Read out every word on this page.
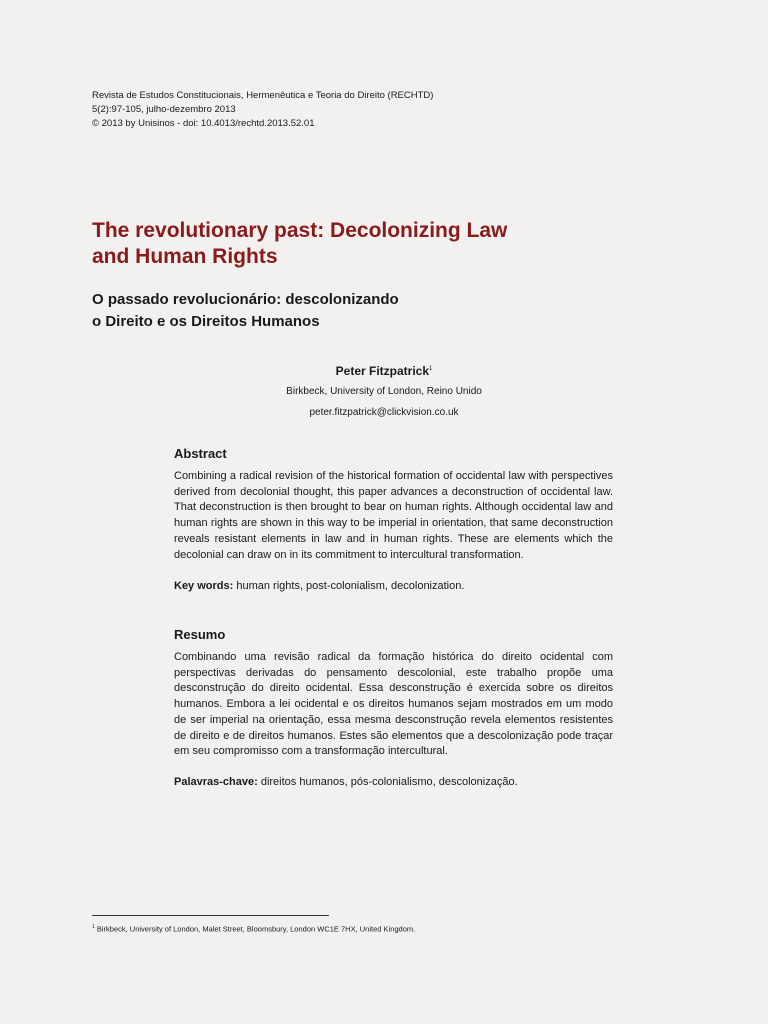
Revista de Estudos Constitucionais, Hermenêutica e Teoria do Direito (RECHTD)
5(2):97-105, julho-dezembro 2013
© 2013 by Unisinos - doi: 10.4013/rechtd.2013.52.01
The revolutionary past: Decolonizing Law
and Human Rights
O passado revolucionário: descolonizando
o Direito e os Direitos Humanos
Peter Fitzpatrick$^1$
Birkbeck, University of London, Reino Unido
peter.fitzpatrick@clickvision.co.uk
Abstract

Combining a radical revision of the historical formation of occidental law with perspectives derived from decolonial thought, this paper advances a deconstruction of occidental law. That deconstruction is then brought to bear on human rights. Although occidental law and human rights are shown in this way to be imperial in orientation, that same deconstruction reveals resistant elements in law and in human rights. These are elements which the decolonial can draw on in its commitment to intercultural transformation.

Key words: human rights, post-colonialism, decolonization.

Resumo

Combinando uma revisão radical da formação histórica do direito ocidental com perspectivas derivadas do pensamento descolonial, este trabalho propõe uma desconstrução do direito ocidental. Essa desconstrução é exercida sobre os direitos humanos. Embora a lei ocidental e os direitos humanos sejam mostrados em um modo de ser imperial na orientação, essa mesma desconstrução revela elementos resistentes de direito e de direitos humanos. Estes são elementos que a descolonização pode traçar em seu compromisso com a transformação intercultural.

Palavras-chave: direitos humanos, pós-colonialismo, descolonização.

$^1$ Birkbeck, University of London, Malet Street, Bloomsbury, London WC1E 7HX, United Kingdom.
